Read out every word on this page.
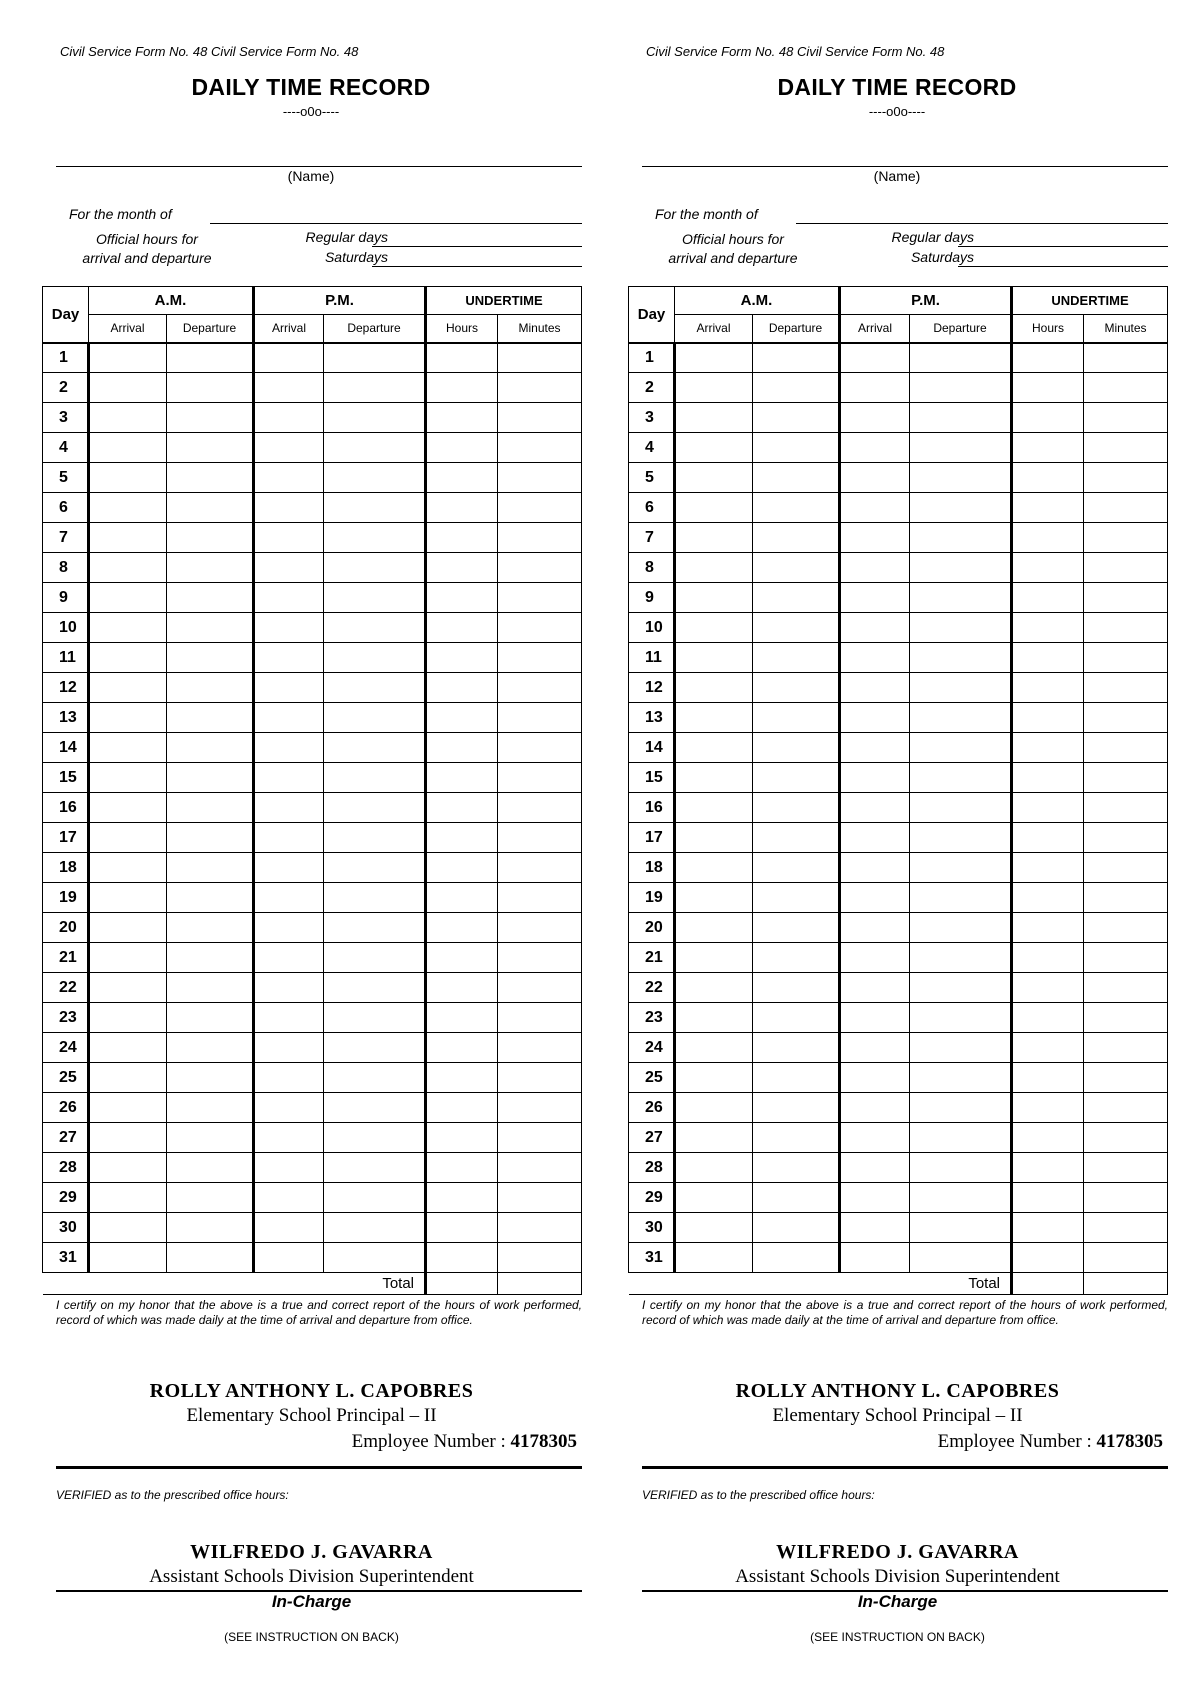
Civil Service Form No. 48 Civil Service Form No. 48
DAILY TIME RECORD
----o0o----
(Name)
For the month of
Official hours for
arrival and departure
Regular days
Saturdays
Day	A.M.		P.M.		UNDERTIME	
	Arrival	Departure	Arrival	Departure	Hours	Minutes
1						
2						
3						
4						
5						
6						
7						
8						
9						
10						
11						
12						
13						
14						
15						
16						
17						
18						
19						
20						
21						
22						
23						
24						
25						
26						
27						
28						
29						
30						
31						
Total						
I certify on my honor that the above is a true and correct report of the hours of work performed, record of which was made daily at the time of arrival and departure from office.
ROLLY ANTHONY L. CAPOBRES
Elementary School Principal – II
Employee Number : 4178305
VERIFIED as to the prescribed office hours:
WILFREDO J. GAVARRA
Assistant Schools Division Superintendent
In-Charge
(SEE INSTRUCTION ON BACK)
Civil Service Form No. 48 Civil Service Form No. 48
DAILY TIME RECORD
----o0o----
(Name)
For the month of
Official hours for
arrival and departure
Regular days
Saturdays
Day	A.M.		P.M.		UNDERTIME	
	Arrival	Departure	Arrival	Departure	Hours	Minutes
1						
2						
3						
4						
5						
6						
7						
8						
9						
10						
11						
12						
13						
14						
15						
16						
17						
18						
19						
20						
21						
22						
23						
24						
25						
26						
27						
28						
29						
30						
31						
Total						
I certify on my honor that the above is a true and correct report of the hours of work performed, record of which was made daily at the time of arrival and departure from office.
ROLLY ANTHONY L. CAPOBRES
Elementary School Principal – II
Employee Number : 4178305
VERIFIED as to the prescribed office hours:
WILFREDO J. GAVARRA
Assistant Schools Division Superintendent
In-Charge
(SEE INSTRUCTION ON BACK)
